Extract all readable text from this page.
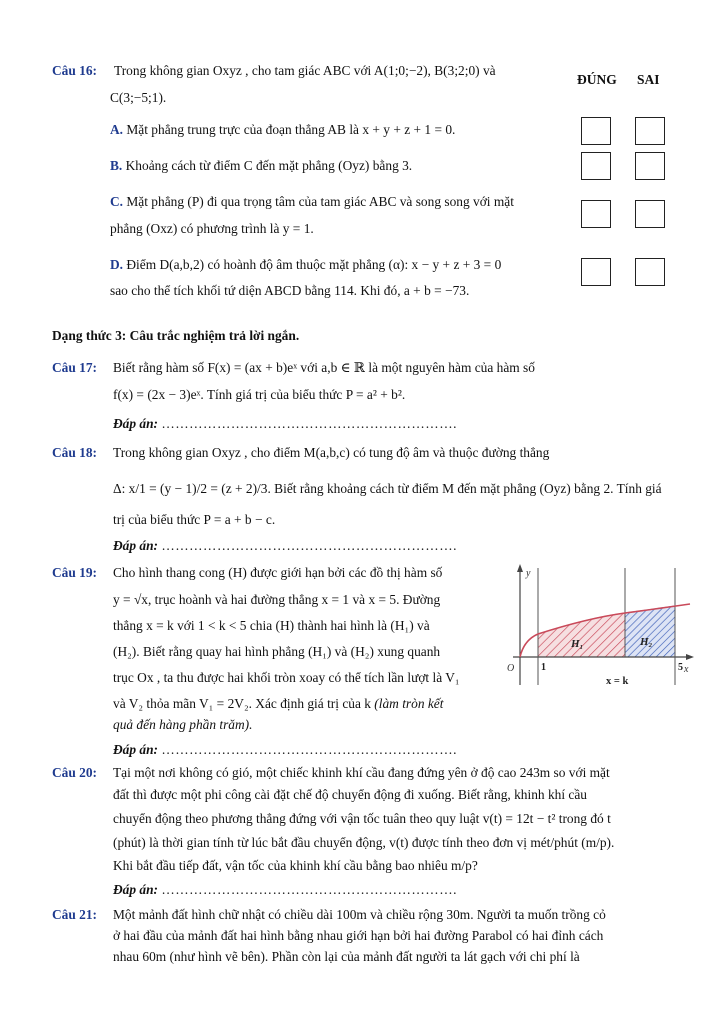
ĐÚNG SAI
Câu 16: Trong không gian Oxyz , cho tam giác ABC với A(1;0;−2), B(3;2;0) và
C(3;−5;1).
A. Mặt phẳng trung trực của đoạn thẳng AB là x + y + z + 1 = 0.
B. Khoảng cách từ điểm C đến mặt phẳng (Oyz) bằng 3.
C. Mặt phẳng (P) đi qua trọng tâm của tam giác ABC và song song với mặt
phẳng (Oxz) có phương trình là y = 1.
D. Điểm D(a,b,2) có hoành độ âm thuộc mặt phẳng (α): x − y + z + 3 = 0
sao cho thể tích khối tứ diện ABCD bằng 114. Khi đó, a + b = −73.
Dạng thức 3: Câu trắc nghiệm trả lời ngắn.
Câu 17: Biết rằng hàm số F(x) = (ax + b)eˣ với a,b ∈ ℝ là một nguyên hàm của hàm số
f(x) = (2x − 3)eˣ. Tính giá trị của biểu thức P = a² + b².
Đáp án: ……………………………………………………….
Câu 18: Trong không gian Oxyz , cho điểm M(a,b,c) có tung độ âm và thuộc đường thẳng
Δ: x/1 = (y − 1)/2 = (z + 2)/3. Biết rằng khoảng cách từ điểm M đến mặt phẳng (Oyz) bằng 2. Tính giá
trị của biểu thức P = a + b − c.
Đáp án: ……………………………………………………….
Câu 19: Cho hình thang cong (H) được giới hạn bởi các đồ thị hàm số
y = √x, trục hoành và hai đường thẳng x = 1 và x = 5. Đường
thẳng x = k với 1 < k < 5 chia (H) thành hai hình là (H₁) và
(H₂). Biết rằng quay hai hình phẳng (H₁) và (H₂) xung quanh
trục Ox , ta thu được hai khối tròn xoay có thể tích lần lượt là V₁
và V₂ thỏa mãn V₁ = 2V₂. Xác định giá trị của k (làm tròn kết
quả đến hàng phần trăm).
Đáp án: ……………………………………………………….
y
x
O	1	5
H₁	H₂
x = k
Câu 20: Tại một nơi không có gió, một chiếc khinh khí cầu đang đứng yên ở độ cao 243m so với mặt
đất thì được một phi công cài đặt chế độ chuyển động đi xuống. Biết rằng, khinh khí cầu
chuyển động theo phương thẳng đứng với vận tốc tuân theo quy luật v(t) = 12t − t² trong đó t
(phút) là thời gian tính từ lúc bắt đầu chuyển động, v(t) được tính theo đơn vị mét/phút (m/p).
Khi bắt đầu tiếp đất, vận tốc của khinh khí cầu bằng bao nhiêu m/p?
Đáp án: ……………………………………………………….
Câu 21: Một mảnh đất hình chữ nhật có chiều dài 100m và chiều rộng 30m. Người ta muốn trồng cỏ
ở hai đầu của mảnh đất hai hình bằng nhau giới hạn bởi hai đường Parabol có hai đỉnh cách
nhau 60m (như hình vẽ bên). Phần còn lại của mảnh đất người ta lát gạch với chi phí là
